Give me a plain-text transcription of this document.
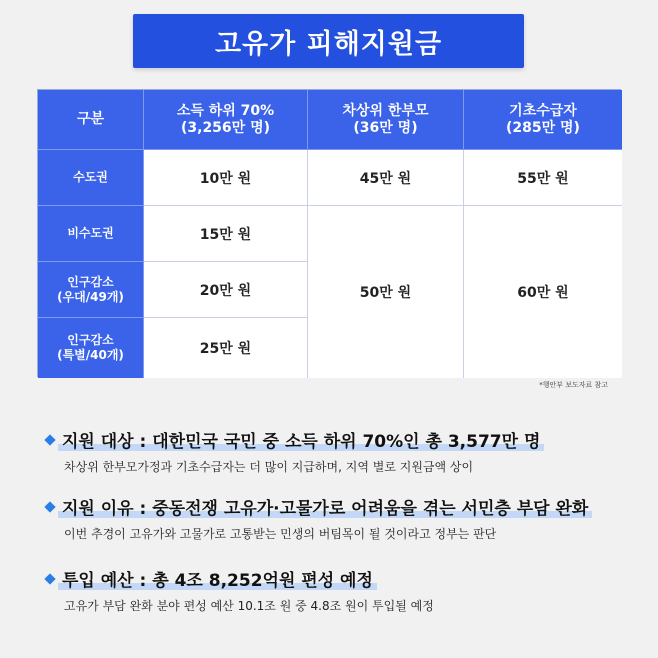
고유가 피해지원금
구분
소득 하위 70%
(3,256만 명)
차상위 한부모
(36만 명)
기초수급자
(285만 명)
수도권
비수도권
인구감소
(우대/49개)
인구감소
(특별/40개)
10만 원
15만 원
20만 원
25만 원
45만 원
50만 원
55만 원
60만 원
*행안부 보도자료 참고
지원 대상 : 대한민국 국민 중 소득 하위 70%인 총 3,577만 명
차상위 한부모가정과 기초수급자는 더 많이 지급하며, 지역 별로 지원금액 상이
지원 이유 : 중동전쟁 고유가·고물가로 어려움을 겪는 서민층 부담 완화
이번 추경이 고유가와 고물가로 고통받는 민생의 버팀목이 될 것이라고 정부는 판단
투입 예산 : 총 4조 8,252억원 편성 예정
고유가 부담 완화 분야 편성 예산 10.1조 원 중 4.8조 원이 투입될 예정
